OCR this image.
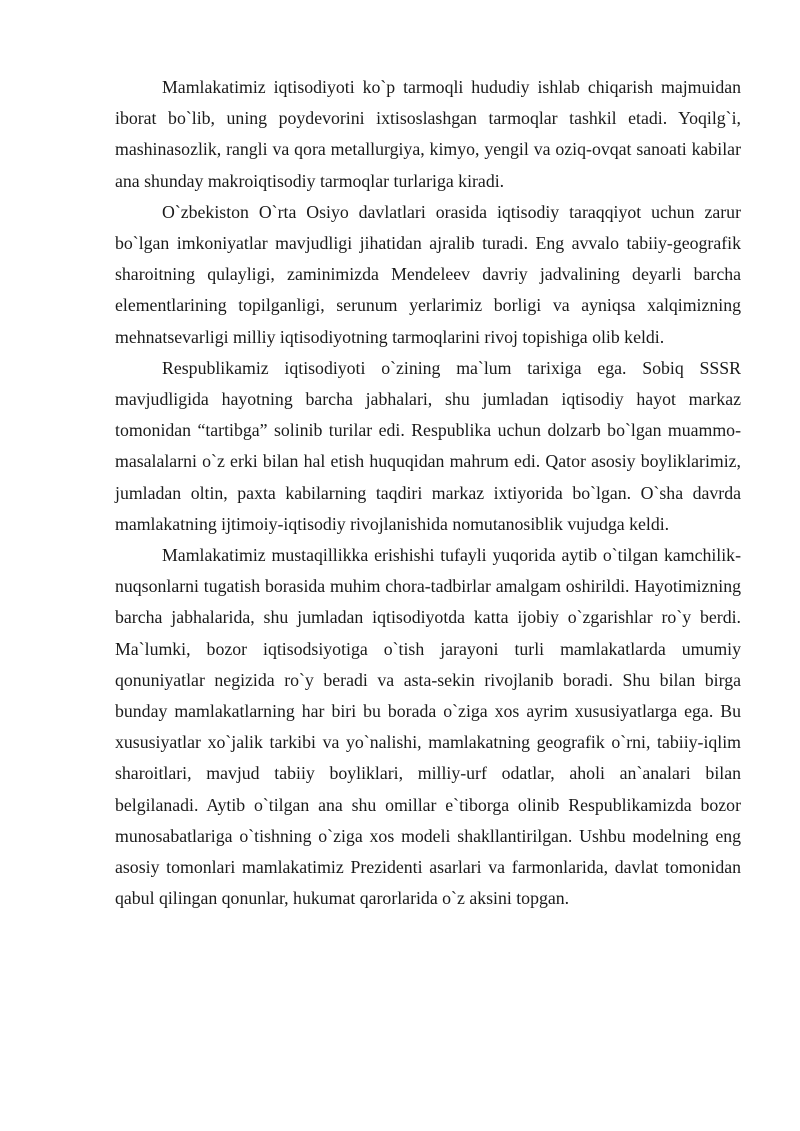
Mamlakatimiz iqtisodiyoti ko`p tarmoqli hududiy ishlab chiqarish majmuidan iborat bo`lib, uning poydevorini ixtisoslashgan tarmoqlar tashkil etadi. Yoqilg`i, mashinasozlik, rangli va qora metallurgiya, kimyo, yengil va oziq-ovqat sanoati kabilar ana shunday makroiqtisodiy tarmoqlar turlariga kiradi.

O`zbekiston O`rta Osiyo davlatlari orasida iqtisodiy taraqqiyot uchun zarur bo`lgan imkoniyatlar mavjudligi jihatidan ajralib turadi. Eng avvalo tabiiy-geografik sharoitning qulayligi, zaminimizda Mendeleev davriy jadvalining deyarli barcha elementlarining topilganligi, serunum yerlarimiz borligi va ayniqsa xalqimizning mehnatsevarligi milliy iqtisodiyotning tarmoqlarini rivoj topishiga olib keldi.

Respublikamiz iqtisodiyoti o`zining ma`lum tarixiga ega. Sobiq SSSR mavjudligida hayotning barcha jabhalari, shu jumladan iqtisodiy hayot markaz tomonidan “tartibga” solinib turilar edi. Respublika uchun dolzarb bo`lgan muammo-masalalarni o`z erki bilan hal etish huquqidan mahrum edi. Qator asosiy boyliklarimiz, jumladan oltin, paxta kabilarning taqdiri markaz ixtiyorida bo`lgan. O`sha davrda mamlakatning ijtimoiy-iqtisodiy rivojlanishida nomutanosiblik vujudga keldi.

Mamlakatimiz mustaqillikka erishishi tufayli yuqorida aytib o`tilgan kamchilik-nuqsonlarni tugatish borasida muhim chora-tadbirlar amalgam oshirildi. Hayotimizning barcha jabhalarida, shu jumladan iqtisodiyotda katta ijobiy o`zgarishlar ro`y berdi. Ma`lumki, bozor iqtisodsiyotiga o`tish jarayoni turli mamlakatlarda umumiy qonuniyatlar negizida ro`y beradi va asta-sekin rivojlanib boradi. Shu bilan birga bunday mamlakatlarning har biri bu borada o`ziga xos ayrim xususiyatlarga ega. Bu xususiyatlar xo`jalik tarkibi va yo`nalishi, mamlakatning geografik o`rni, tabiiy-iqlim sharoitlari, mavjud tabiiy boyliklari, milliy-urf odatlar, aholi an`analari bilan belgilanadi. Aytib o`tilgan ana shu omillar e`tiborga olinib Respublikamizda bozor munosabatlariga o`tishning o`ziga xos modeli shakllantirilgan. Ushbu modelning eng asosiy tomonlari mamlakatimiz Prezidenti asarlari va farmonlarida, davlat tomonidan qabul qilingan qonunlar, hukumat qarorlarida o`z aksini topgan.
